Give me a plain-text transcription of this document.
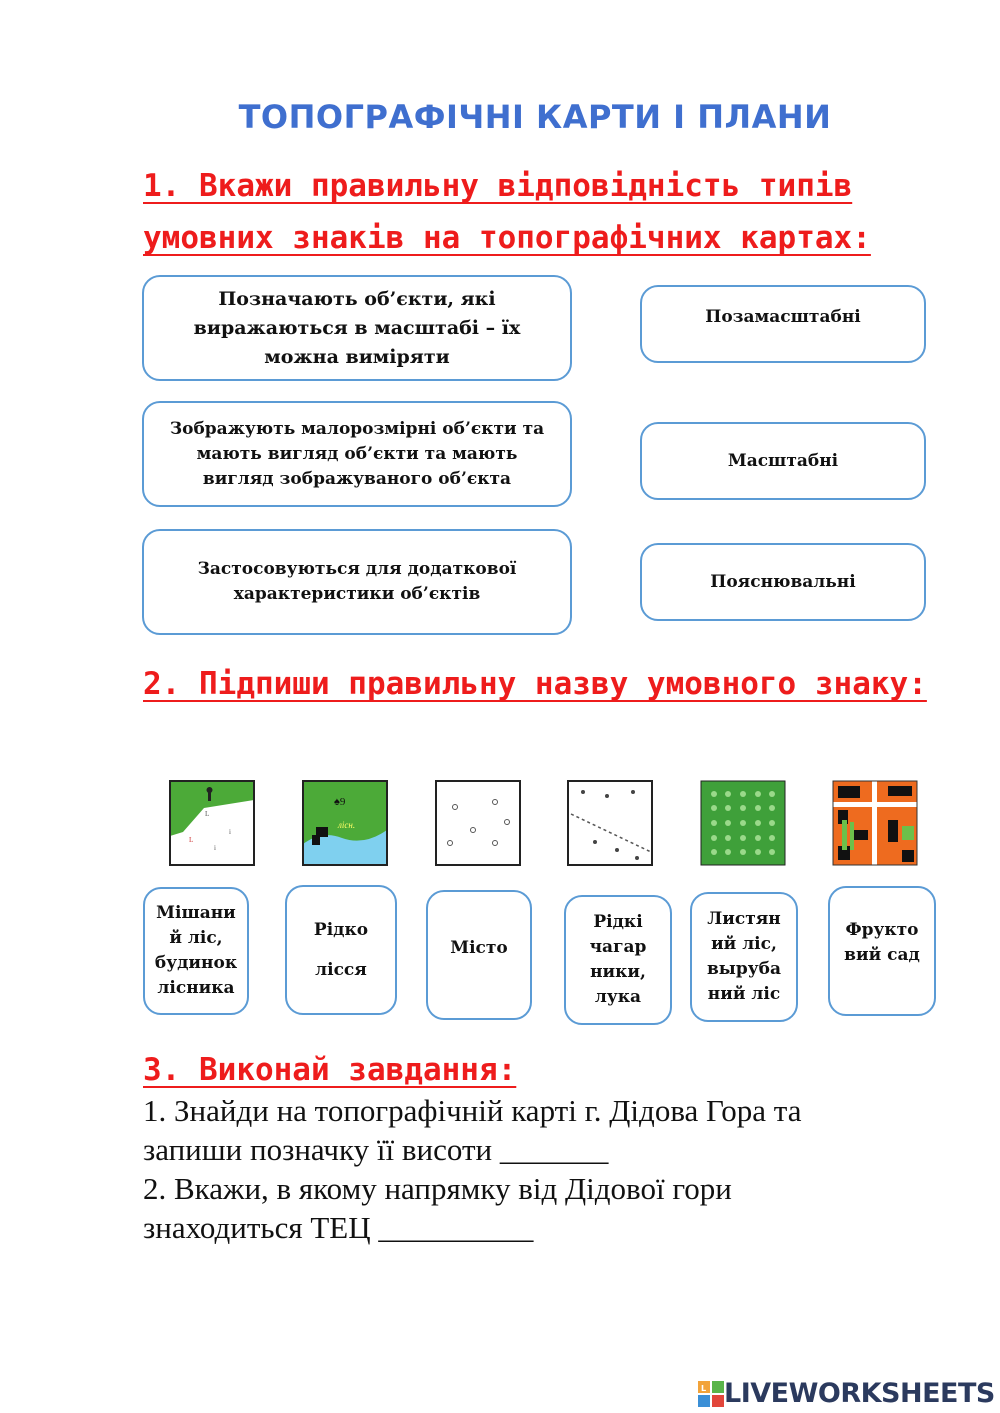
ТОПОГРАФІЧНІ КАРТИ І ПЛАНИ
1. Вкажи правильну відповідність типів
умовних знаків на топографічних картах:
Позначають об’єкти, які виражаються в масштабі – їх можна виміряти
Зображують малорозмірні об’єкти та мають вигляд об’єкти та мають вигляд зображуваного об’єкта
Застосовуються для додаткової характеристики об’єктів
Позамасштабні
Масштабні
Пояснювальні
2. Підпиши правильну назву умовного знаку:
L
i
L
i
♠9
лісн.
Мішани
й ліс,
будинок
лісника
Рідко
лісся
Місто
Рідкі
чагар
ники,
лука
Листян
ий ліс,
выруба
ний ліс
Фрукто
вий сад
3. Виконай завдання:
1. Знайди на топографічній карті г. Дідова Гора та
запиши позначку її висоти _______
2. Вкажи, в якому напрямку від Дідової гори
знаходиться ТЕЦ __________
L LIVEWORKSHEETS
